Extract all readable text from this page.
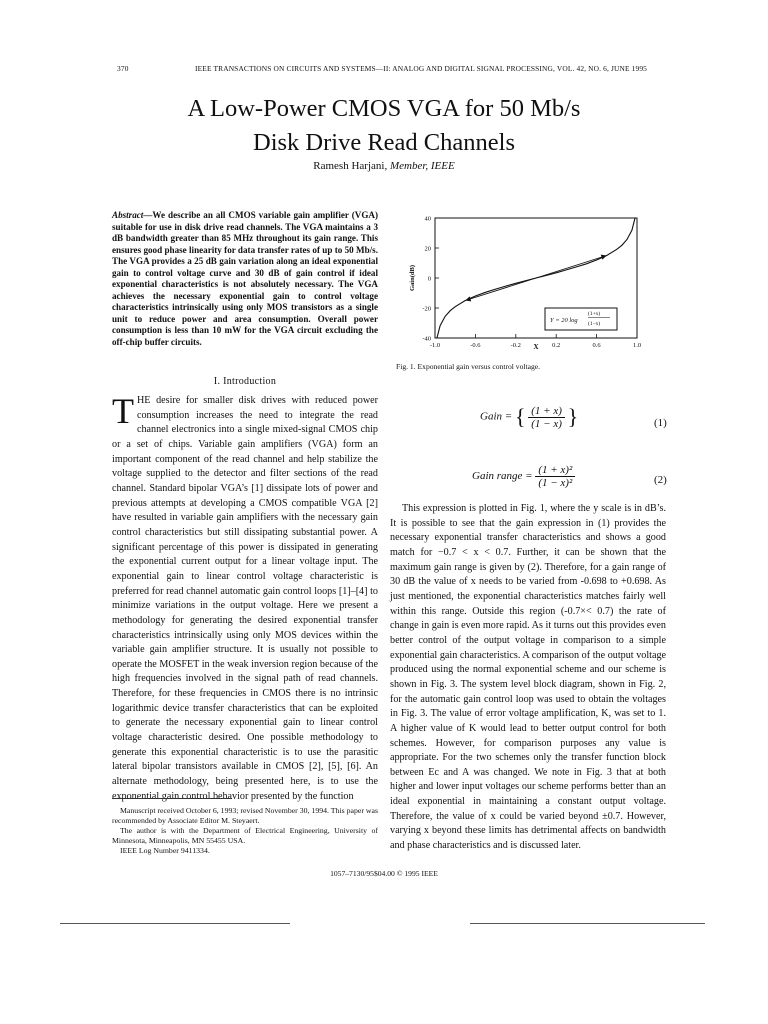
370	IEEE TRANSACTIONS ON CIRCUITS AND SYSTEMS—II: ANALOG AND DIGITAL SIGNAL PROCESSING, VOL. 42, NO. 6, JUNE 1995
A Low-Power CMOS VGA for 50 Mb/s
Disk Drive Read Channels
Ramesh Harjani, Member, IEEE
Abstract—We describe an all CMOS variable gain amplifier (VGA) suitable for use in disk drive read channels. The VGA maintains a 3 dB bandwidth greater than 85 MHz throughout its gain range. This ensures good phase linearity for data transfer rates of up to 50 Mb/s. The VGA provides a 25 dB gain variation along an ideal exponential gain to control voltage curve and 30 dB of gain control if ideal exponential characteristics is not absolutely necessary. The VGA achieves the necessary exponential gain to control voltage characteristics intrinsically using only MOS transistors as a single unit to reduce power and area consumption. Overall power consumption is less than 10 mW for the VGA circuit excluding the off-chip buffer circuits.
I. Introduction
THE desire for smaller disk drives with reduced power consumption increases the need to integrate the read channel electronics into a single mixed-signal CMOS chip or a set of chips. Variable gain amplifiers (VGA) form an important component of the read channel and help stabilize the voltage supplied to the detector and filter sections of the read channel. Standard bipolar VGA’s [1] dissipate lots of power and previous attempts at developing a CMOS compatible VGA [2] have resulted in variable gain amplifiers with the necessary gain control characteristics but still dissipating substantial power. A significant percentage of this power is dissipated in generating the exponential current output for a linear voltage input. The exponential gain to linear control voltage characteristic is preferred for read channel automatic gain control loops [1]–[4] to minimize variations in the output voltage. Here we present a methodology for generating the desired exponential transfer characteristics intrinsically using only MOS devices within the variable gain amplifier structure. It is usually not possible to operate the MOSFET in the weak inversion region because of the high frequencies involved in the signal path of read channels. Therefore, for these frequencies in CMOS there is no intrinsic logarithmic device transfer characteristics that can be exploited to generate the necessary exponential gain to linear control voltage characteristic desired. One possible methodology to generate this exponential characteristic is to use the parasitic lateral bipolar transistors available in CMOS [2], [5], [6]. An alternate methodology, being presented here, is to use the exponential gain control behavior presented by the function
Manuscript received October 6, 1993; revised November 30, 1994. This paper was recommended by Associate Editor M. Steyaert.
The author is with the Department of Electrical Engineering, University of Minnesota, Minneapolis, MN 55455 USA.
IEEE Log Number 9411334.
40
20
0
-20
-40
-1.0	-0.6	-0.2	0.2	0.6	1.0
X
Gain(dB)
Y = 20 log
(1+x)
(1−x)
Fig. 1. Exponential gain versus control voltage.
Gain = { $\frac{(1 + x)}{(1 - x)}$ }	(1)
Gain range = $\frac{\text{(1 + x)²}}{\text{(1 − x)²}}$	(2)

This expression is plotted in Fig. 1, where the y scale is in dB’s. It is possible to see that the gain expression in (1) provides the necessary exponential transfer characteristics and shows a good match for −0.7 < x < 0.7. Further, it can be shown that the maximum gain range is given by (2). Therefore, for a gain range of 30 dB the value of x needs to be varied from -0.698 to +0.698. As just mentioned, the exponential characteristics matches fairly well within this range. Outside this region (-0.7×< 0.7) the rate of change in gain is even more rapid. As it turns out this provides even better control of the output voltage in comparison to a simple exponential gain characteristics. A comparison of the output voltage produced using the normal exponential scheme and our scheme is shown in Fig. 3. The system level block diagram, shown in Fig. 2, for the automatic gain control loop was used to obtain the voltages in Fig. 3. The value of error voltage amplification, K, was set to 1. A higher value of K would lead to better output control for both schemes. However, for comparison purposes any value is appropriate. For the two schemes only the transfer function block between Ec and A was changed. We note in Fig. 3 that at both higher and lower input voltages our scheme performs better than an ideal exponential in maintaining a constant output voltage. Therefore, the value of x could be varied beyond ±0.7. However, varying x beyond these limits has detrimental affects on bandwidth and phase characteristics and is discussed later.

1057–7130/95$04.00 © 1995 IEEE
